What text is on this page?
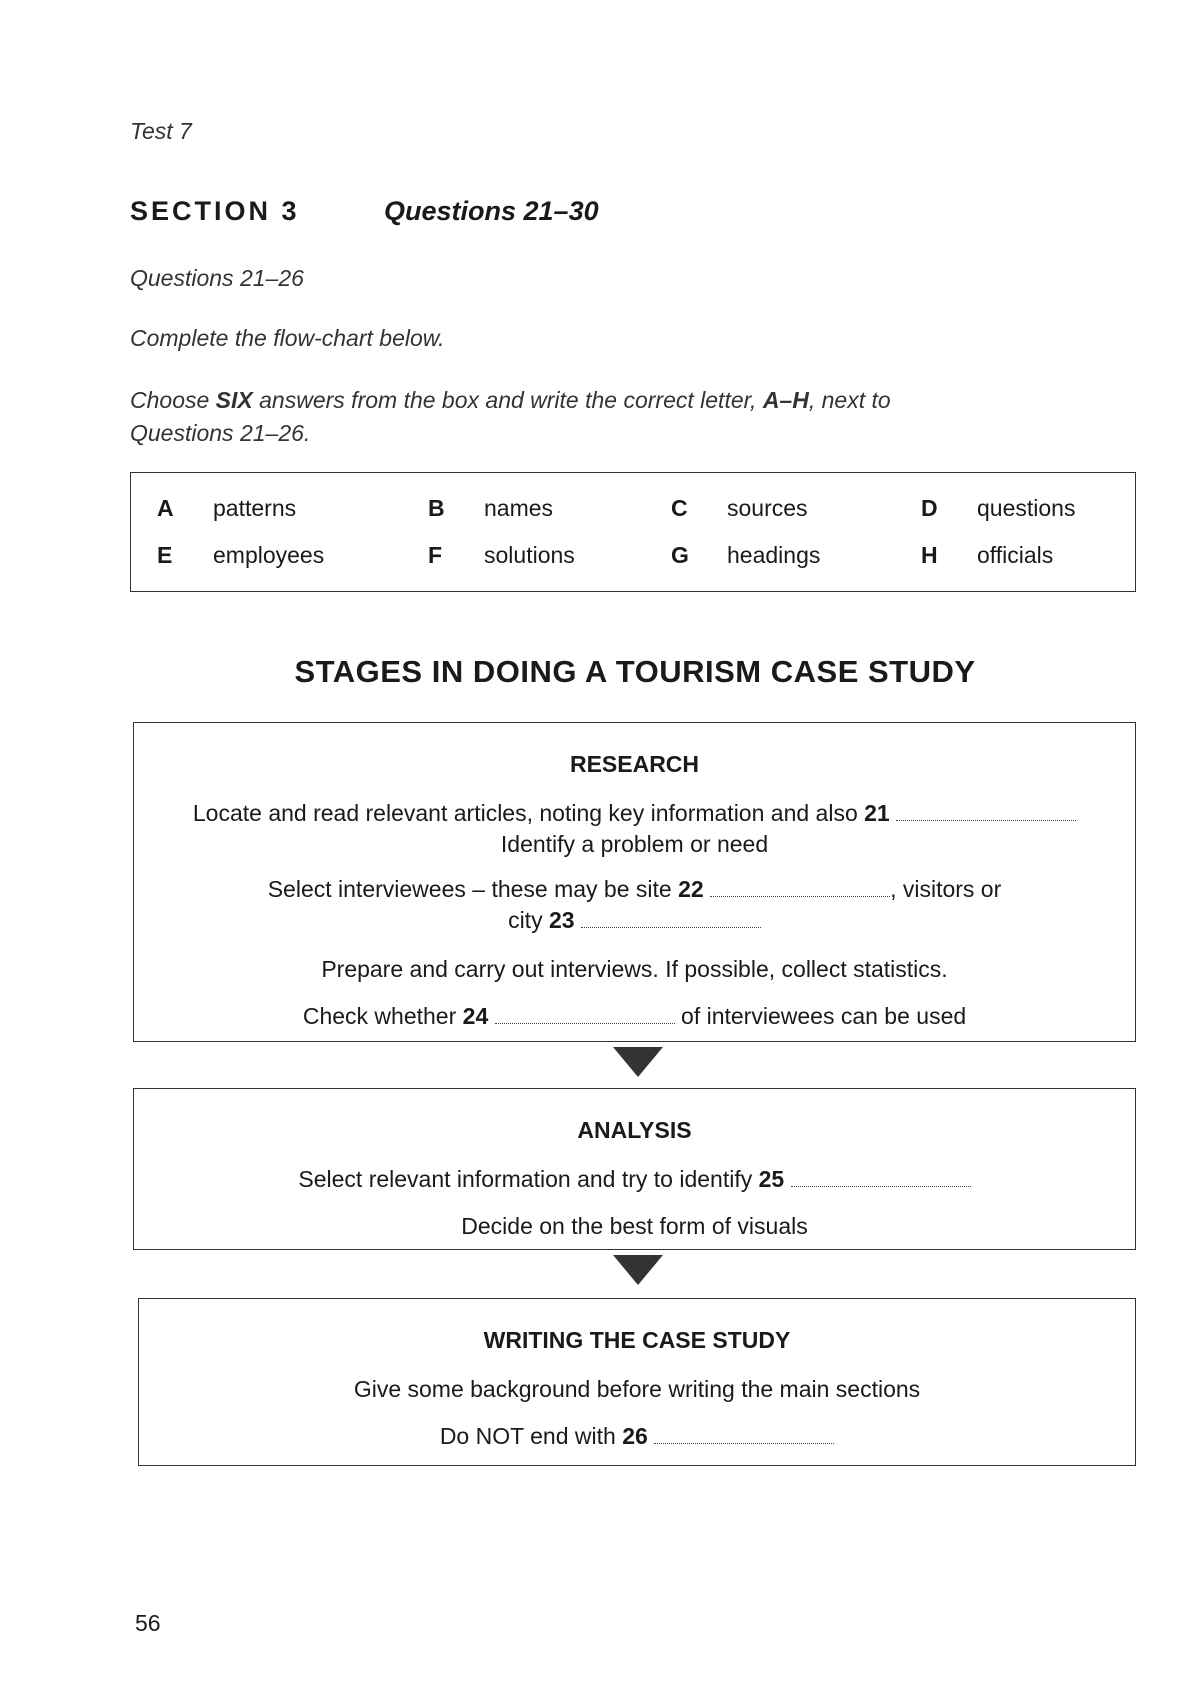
Test 7
SECTION 3	Questions 21–30
Questions 21–26
Complete the flow-chart below.
Choose SIX answers from the box and write the correct letter, A–H, next to
Questions 21–26.
A patterns	B names	C sources	D questions
E employees	F solutions	G headings	H officials
STAGES IN DOING A TOURISM CASE STUDY
RESEARCH
Locate and read relevant articles, noting key information and also 21
Identify a problem or need
Select interviewees – these may be site 22	, visitors or
city 23
Prepare and carry out interviews. If possible, collect statistics.
Check whether 24	of interviewees can be used
ANALYSIS
Select relevant information and try to identify 25
Decide on the best form of visuals
WRITING THE CASE STUDY
Give some background before writing the main sections
Do NOT end with 26
56
